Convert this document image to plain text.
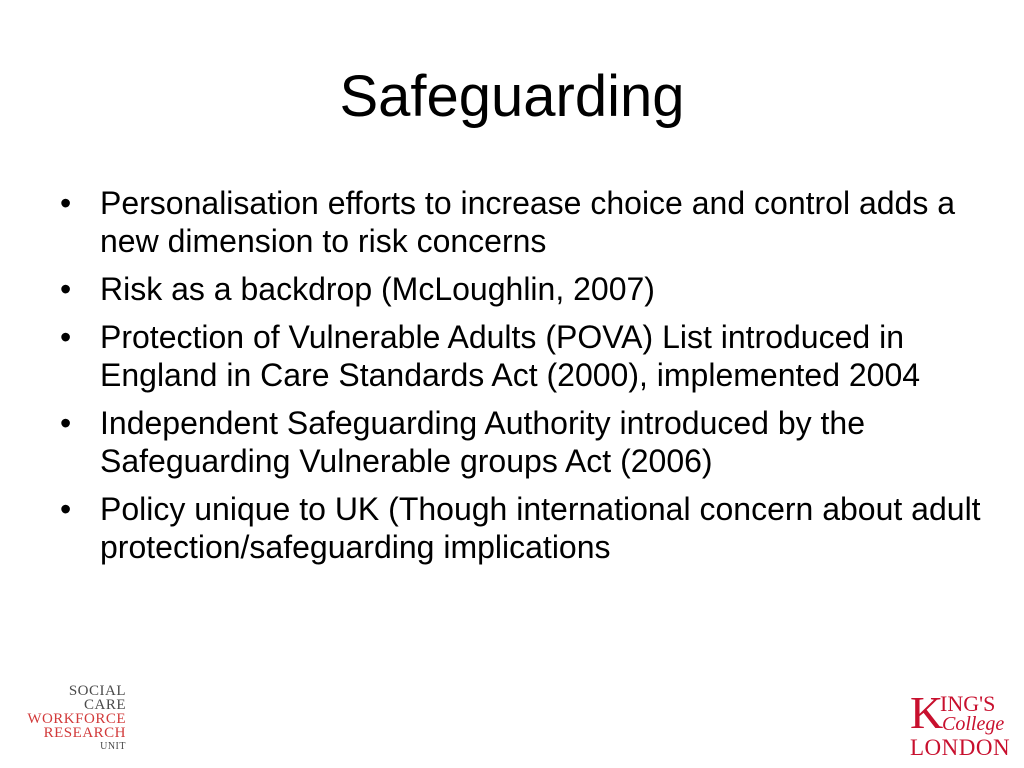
Safeguarding
• Personalisation efforts to increase choice and control adds a new dimension to risk concerns
• Risk as a backdrop (McLoughlin, 2007)
• Protection of Vulnerable Adults (POVA) List introduced in England in Care Standards Act (2000), implemented 2004
• Independent Safeguarding Authority introduced by the Safeguarding Vulnerable groups Act (2006)
• Policy unique to UK (Though international concern about adult protection/safeguarding implications
SOCIAL
CARE
WORKFORCE
RESEARCH
UNIT
K
ING'S
College
LONDON
